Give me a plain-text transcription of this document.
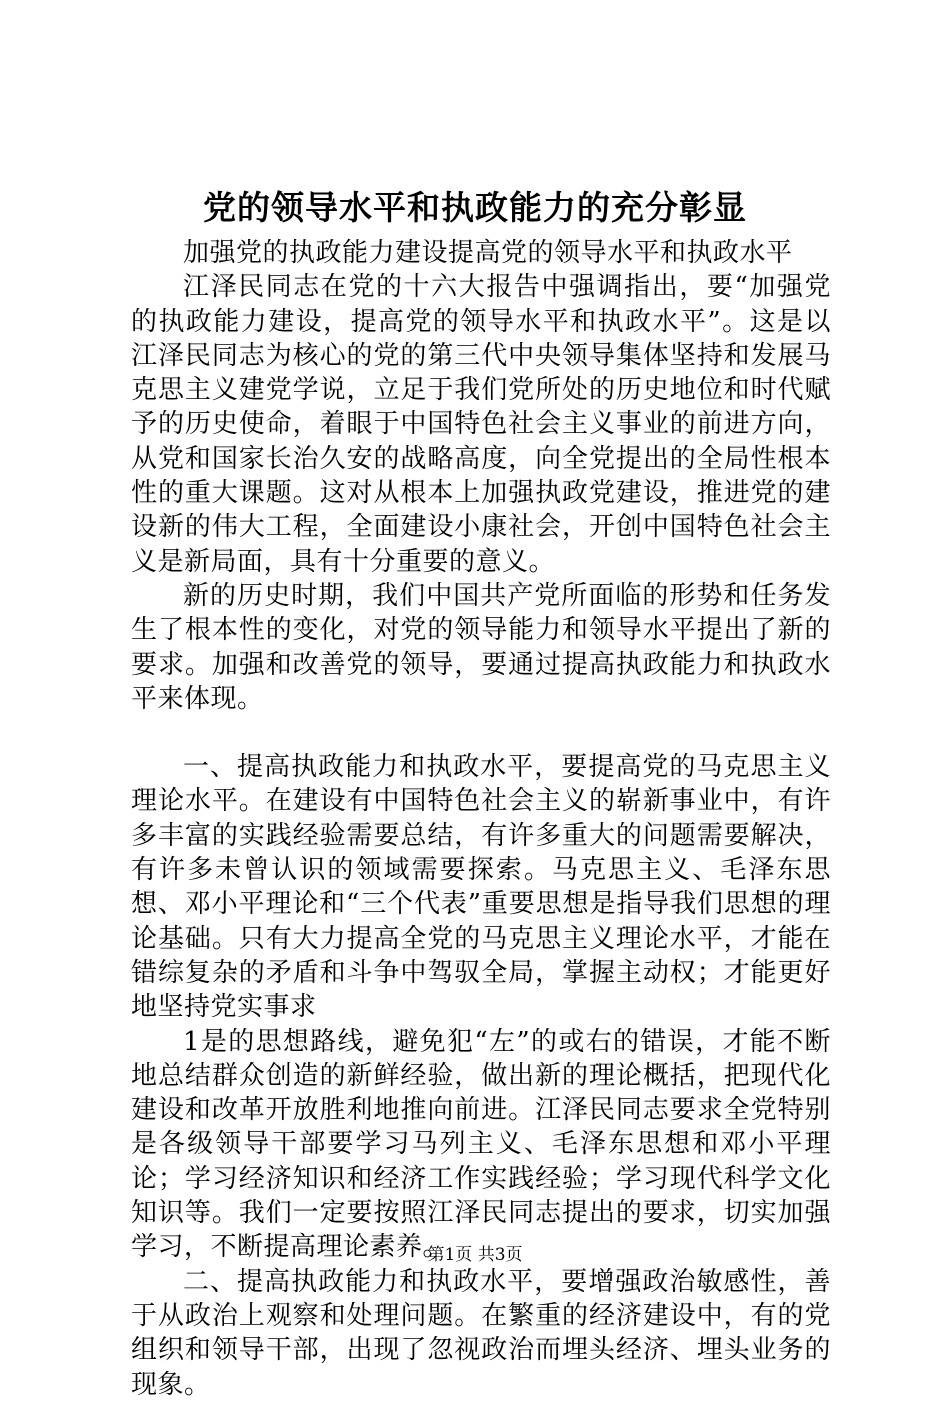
党的领导水平和执政能力的充分彰显

加强党的执政能力建设提高党的领导水平和执政水平

江泽民同志在党的十六大报告中强调指出，要“加强党的执政能力建设，提高党的领导水平和执政水平”。这是以江泽民同志为核心的党的第三代中央领导集体坚持和发展马克思主义建党学说，立足于我们党所处的历史地位和时代赋予的历史使命，着眼于中国特色社会主义事业的前进方向，从党和国家长治久安的战略高度，向全党提出的全局性根本性的重大课题。这对从根本上加强执政党建设，推进党的建设新的伟大工程，全面建设小康社会，开创中国特色社会主义是新局面，具有十分重要的意义。

新的历史时期，我们中国共产党所面临的形势和任务发生了根本性的变化，对党的领导能力和领导水平提出了新的要求。加强和改善党的领导，要通过提高执政能力和执政水平来体现。

一、提高执政能力和执政水平，要提高党的马克思主义理论水平。在建设有中国特色社会主义的崭新事业中，有许多丰富的实践经验需要总结，有许多重大的问题需要解决，有许多未曾认识的领域需要探索。马克思主义、毛泽东思想、邓小平理论和“三个代表”重要思想是指导我们思想的理论基础。只有大力提高全党的马克思主义理论水平，才能在错综复杂的矛盾和斗争中驾驭全局，掌握主动权；才能更好地坚持党实事求

1是的思想路线，避免犯“左”的或右的错误，才能不断地总结群众创造的新鲜经验，做出新的理论概括，把现代化建设和改革开放胜利地推向前进。江泽民同志要求全党特别是各级领导干部要学习马列主义、毛泽东思想和邓小平理论；学习经济知识和经济工作实践经验；学习现代科学文化知识等。我们一定要按照江泽民同志提出的要求，切实加强学习，不断提高理论素养。

二、提高执政能力和执政水平，要增强政治敏感性，善于从政治上观察和处理问题。在繁重的经济建设中，有的党组织和领导干部，出现了忽视政治而埋头经济、埋头业务的现象。

第1页 共3页
